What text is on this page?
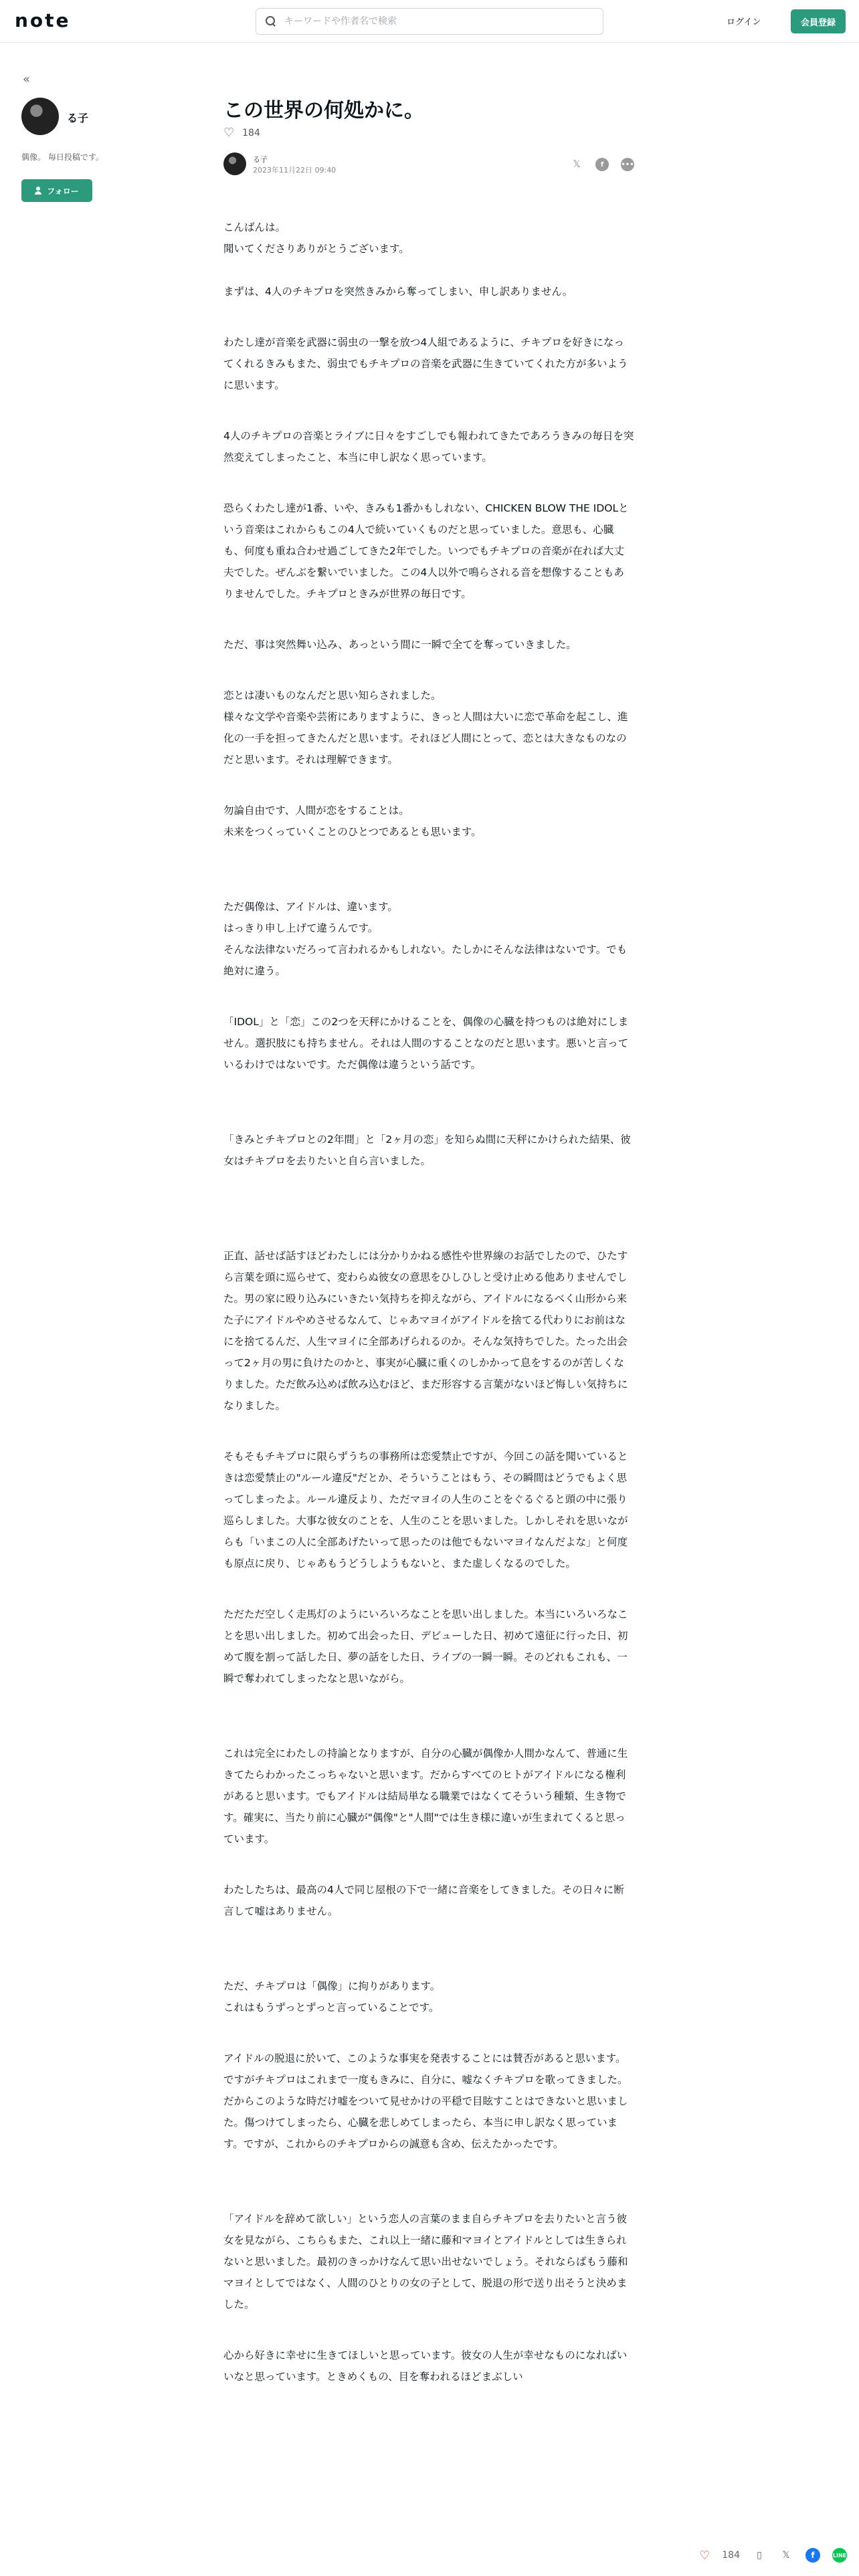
note
キーワードや作者名で検索	ログイン	会員登録
«
る子
偶像。 毎日投稿です。
フォロー
この世界の何処かに。
♡ 184
る子
2023年11月22日 09:40
𝕏	f	•••

こんばんは。
聞いてくださりありがとうございます。

まずは、4人のチキプロを突然きみから奪ってしまい、申し訳ありません。

わたし達が音楽を武器に弱虫の一撃を放つ4人組であるように、チキプロを好きになってくれるきみもまた、弱虫でもチキプロの音楽を武器に生きていてくれた方が多いように思います。

4人のチキプロの音楽とライブに日々をすごしでも報われてきたであろうきみの毎日を突然変えてしまったこと、本当に申し訳なく思っています。

恐らくわたし達が1番、いや、きみも1番かもしれない、CHICKEN BLOW THE IDOLという音楽はこれからもこの4人で続いていくものだと思っていました。意思も、心臓も、何度も重ね合わせ過ごしてきた2年でした。いつでもチキプロの音楽が在れば大丈夫でした。ぜんぶを繋いでいました。この4人以外で鳴らされる音を想像することもありませんでした。チキプロときみが世界の毎日です。

ただ、事は突然舞い込み、あっという間に一瞬で全てを奪っていきました。

恋とは凄いものなんだと思い知らされました。
様々な文学や音楽や芸術にありますように、きっと人間は大いに恋で革命を起こし、進化の一手を担ってきたんだと思います。それほど人間にとって、恋とは大きなものなのだと思います。それは理解できます。

勿論自由です、人間が恋をすることは。
未来をつくっていくことのひとつであるとも思います。

ただ偶像は、アイドルは、違います。
はっきり申し上げて違うんです。
そんな法律ないだろって言われるかもしれない。たしかにそんな法律はないです。でも絶対に違う。

「IDOL」と「恋」この2つを天秤にかけることを、偶像の心臓を持つものは絶対にしません。選択肢にも持ちません。それは人間のすることなのだと思います。悪いと言っているわけではないです。ただ偶像は違うという話です。

「きみとチキプロとの2年間」と「2ヶ月の恋」を知らぬ間に天秤にかけられた結果、彼女はチキプロを去りたいと自ら言いました。

正直、話せば話すほどわたしには分かりかねる感性や世界線のお話でしたので、ひたすら言葉を頭に巡らせて、変わらぬ彼女の意思をひしひしと受け止める他ありませんでした。男の家に殴り込みにいきたい気持ちを抑えながら、アイドルになるべく山形から来た子にアイドルやめさせるなんて、じゃあマヨイがアイドルを捨てる代わりにお前はなにを捨てるんだ、人生マヨイに全部あげられるのか。そんな気持ちでした。たった出会って2ヶ月の男に負けたのかと、事実が心臓に重くのしかかって息をするのが苦しくなりました。ただ飲み込めば飲み込むほど、まだ形容する言葉がないほど悔しい気持ちになりました。

そもそもチキプロに限らずうちの事務所は恋愛禁止ですが、今回この話を聞いているときは恋愛禁止の"ルール違反"だとか、そういうことはもう、その瞬間はどうでもよく思ってしまったよ。ルール違反より、ただマヨイの人生のことをぐるぐると頭の中に張り巡らしました。大事な彼女のことを、人生のことを思いました。しかしそれを思いながらも「いまこの人に全部あげたいって思ったのは他でもないマヨイなんだよな」と何度も原点に戻り、じゃあもうどうしようもないと、また虚しくなるのでした。

ただただ空しく走馬灯のようにいろいろなことを思い出しました。本当にいろいろなことを思い出しました。初めて出会った日、デビューした日、初めて遠征に行った日、初めて腹を割って話した日、夢の話をした日、ライブの一瞬一瞬。そのどれもこれも、一瞬で奪われてしまったなと思いながら。

これは完全にわたしの持論となりますが、自分の心臓が偶像か人間かなんて、普通に生きてたらわかったこっちゃないと思います。だからすべてのヒトがアイドルになる権利があると思います。でもアイドルは結局単なる職業ではなくてそういう種類、生き物です。確実に、当たり前に心臓が"偶像"と"人間"では生き様に違いが生まれてくると思っています。

わたしたちは、最高の4人で同じ屋根の下で一緒に音楽をしてきました。その日々に断言して嘘はありません。

ただ、チキプロは「偶像」に拘りがあります。
これはもうずっとずっと言っていることです。

アイドルの脱退に於いて、このような事実を発表することには賛否があると思います。ですがチキプロはこれまで一度もきみに、自分に、嘘なくチキプロを歌ってきました。だからこのような時だけ嘘をついて見せかけの平穏で目眩すことはできないと思いました。傷つけてしまったら、心臓を悲しめてしまったら、本当に申し訳なく思っています。ですが、これからのチキプロからの誠意も含め、伝えたかったです。

「アイドルを辞めて欲しい」という恋人の言葉のまま自らチキプロを去りたいと言う彼女を見ながら、こちらもまた、これ以上一緒に藤和マヨイとアイドルとしては生きられないと思いました。最初のきっかけなんて思い出せないでしょう。それならばもう藤和マヨイとしてではなく、人間のひとりの女の子として、脱退の形で送り出そうと決めました。

心から好きに幸せに生きてほしいと思っています。彼女の人生が幸せなものになればいいなと思っています。ときめくもの、目を奪われるほどまぶしい

♡ 184	▯	𝕏	f	LINE
